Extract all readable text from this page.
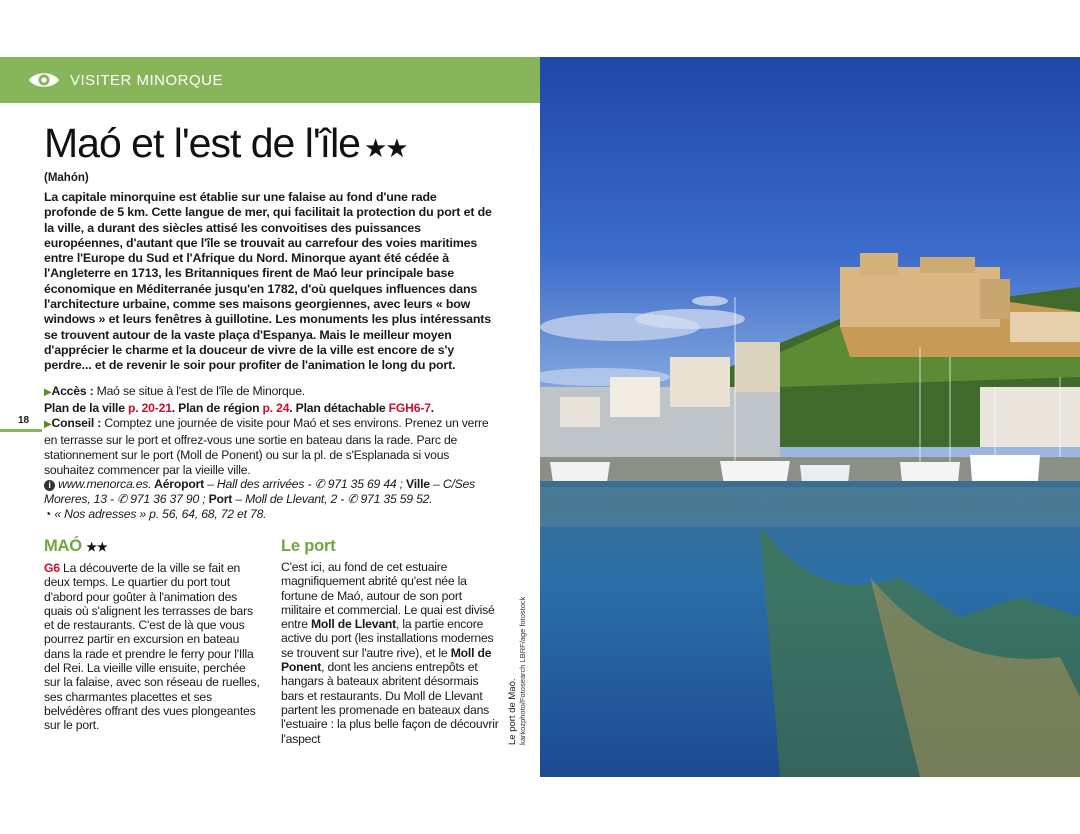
VISITER MINORQUE
Maó et l'est de l'île ★★
(Mahón)

La capitale minorquine est établie sur une falaise au fond d'une rade profonde de 5 km. Cette langue de mer, qui facilitait la protection du port et de la ville, a durant des siècles attisé les convoitises des puissances européennes, d'autant que l'île se trouvait au carrefour des voies maritimes entre l'Europe du Sud et l'Afrique du Nord. Minorque ayant été cédée à l'Angleterre en 1713, les Britanniques firent de Maó leur principale base économique en Méditerranée jusqu'en 1782, d'où quelques influences dans l'architecture urbaine, comme ses maisons georgiennes, avec leurs « bow windows » et leurs fenêtres à guillotine. Les monuments les plus intéressants se trouvent autour de la vaste plaça d'Espanya. Mais le meilleur moyen d'apprécier le charme et la douceur de vivre de la ville est encore de s'y perdre... et de revenir le soir pour profiter de l'animation le long du port.

▶Accès : Maó se situe à l'est de l'île de Minorque.

Plan de la ville p. 20-21. Plan de région p. 24. Plan détachable FGH6-7.

▶Conseil : Comptez une journée de visite pour Maó et ses environs. Prenez un verre en terrasse sur le port et offrez-vous une sortie en bateau dans la rade. Parc de stationnement sur le port (Moll de Ponent) ou sur la pl. de s'Esplanada si vous souhaitez commencer par la vieille ville.

i www.menorca.es. Aéroport – Hall des arrivées - ✆ 971 35 69 44 ; Ville – C/Ses Moreres, 13 - ✆ 971 36 37 90 ; Port – Moll de Llevant, 2 - ✆ 971 35 59 52.

◔ « Nos adresses » p. 56, 64, 68, 72 et 78.

18
MAÓ ★★

G6 La découverte de la ville se fait en deux temps. Le quartier du port tout d'abord pour goûter à l'animation des quais où s'alignent les terrasses de bars et de restaurants. C'est de là que vous pourrez partir en excursion en bateau dans la rade et prendre le ferry pour l'Illa del Rei. La vieille ville ensuite, perchée sur la falaise, avec son réseau de ruelles, ses charmantes placettes et ses belvédères offrant des vues plongeantes sur le port.

Le port

C'est ici, au fond de cet estuaire magnifiquement abrité qu'est née la fortune de Maó, autour de son port militaire et commercial. Le quai est divisé entre Moll de Llevant, la partie encore active du port (les installations modernes se trouvent sur l'autre rive), et le Moll de Ponent, dont les anciens entrepôts et hangars à bateaux abritent désormais bars et restaurants. Du Moll de Llevant partent les promenade en bateaux dans l'estuaire : la plus belle façon de découvrir l'aspect	Le port de Maó. karkozphoto/Fotosearch LBRF/age fotostock
